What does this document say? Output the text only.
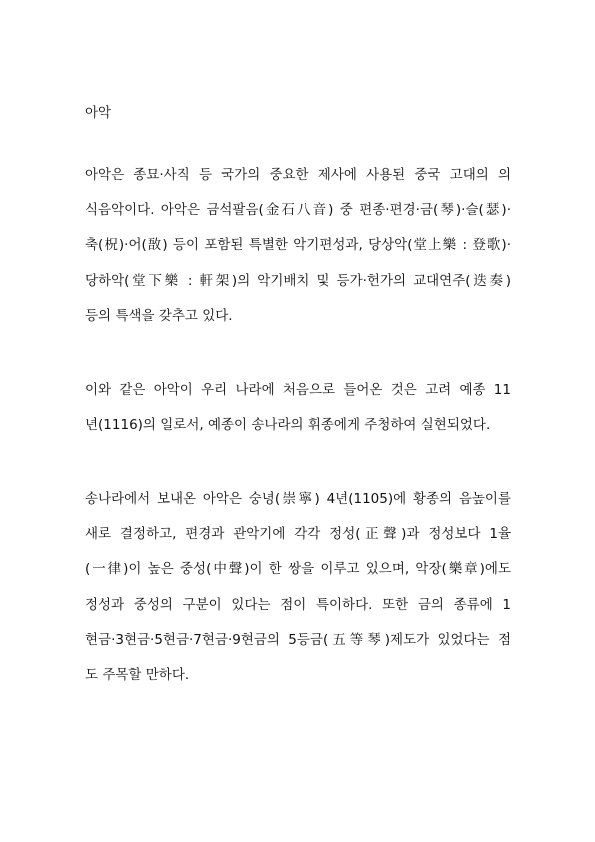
아악
아악은 종묘·사직 등 국가의 중요한 제사에 사용된 중국 고대의 의
식음악이다. 아악은 금석팔음(金石八音) 중 편종·편경·금(琴)·슬(瑟)·
축(柷)·어(敔) 등이 포함된 특별한 악기편성과, 당상악(堂上樂 : 登歌)·
당하악(堂下樂 : 軒架)의 악기배치 및 등가·헌가의 교대연주(迭奏)
등의 특색을 갖추고 있다.
이와 같은 아악이 우리 나라에 처음으로 들어온 것은 고려 예종 11
년(1116)의 일로서, 예종이 송나라의 휘종에게 주청하여 실현되었다.
송나라에서 보내온 아악은 숭녕(崇寧) 4년(1105)에 황종의 음높이를
새로 결정하고, 편경과 관악기에 각각 정성(正聲)과 정성보다 1율
(一律)이 높은 중성(中聲)이 한 쌍을 이루고 있으며, 악장(樂章)에도
정성과 중성의 구분이 있다는 점이 특이하다. 또한 금의 종류에 1
현금·3현금·5현금·7현금·9현금의 5등금(五等琴)제도가 있었다는 점
도 주목할 만하다.
